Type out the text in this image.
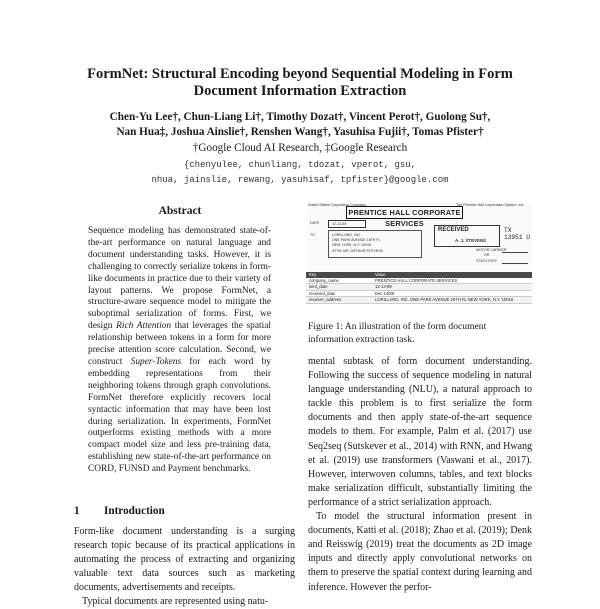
FormNet: Structural Encoding beyond Sequential Modeling in Form Document Information Extraction
Chen-Yu Lee†, Chun-Liang Li†, Timothy Dozat†, Vincent Perot†, Guolong Su†,
Nan Hua‡, Joshua Ainslie†, Renshen Wang†, Yasuhisa Fujii†, Tomas Pfister†
†Google Cloud AI Research, ‡Google Research
{chenyulee, chunliang, tdozat, vperot, gsu,
nhua, jainslie, rewang, yasuhisaf, tpfister}@google.com
Abstract

Sequence modeling has demonstrated state-of-the-art performance on natural language and document understanding tasks. However, it is challenging to correctly serialize tokens in form-like documents in practice due to their variety of layout patterns. We propose FormNet, a structure-aware sequence model to mitigate the suboptimal serialization of forms. First, we design Rich Attention that leverages the spatial relationship between tokens in a form for more precise attention score calculation. Second, we construct Super-Tokens for each word by embedding representations from their neighboring tokens through graph convolutions. FormNet therefore explicitly recovers local syntactic information that may have been lost during serialization. In experiments, FormNet outperforms existing methods with a more compact model size and less pre-training data, establishing new state-of-the-art performance on CORD, FUNSD and Payment benchmarks.

1 Introduction

Form-like document understanding is a surging research topic because of its practical applications in automating the process of extracting and organizing valuable text data sources such as marketing documents, advertisements and receipts.
Typical documents are represented using natu-

United States Corporation Company	The Prentice-Hall Corporation System, Inc.
PRENTICE HALL CORPORATE SERVICES
DATE	12-13-89
TO	LORILLARD, INC.
ONE PARK AVENUE 18TH FL
NEW YORK, N.Y. 10016
ATTN: MR. ARTHUR STEVENS
RECEIVED
A. J. STEVENS
TX 13951 U
MOTOR CARRIER
OR
STATUTORY
Key	Value
company_name	PRENTICE HALL CORPORATE SERVICES
sent_date	12-13-89
received_date	Dec 14/89
receiver_address	LORILLARD, INC. ONE PARK AVENUE 18TH FL NEW YORK, N.Y. 10016

Figure 1: An illustration of the form document information extraction task.

mental subtask of form document understanding. Following the success of sequence modeling in natural language understanding (NLU), a natural approach to tackle this problem is to first serialize the form documents and then apply state-of-the-art sequence models to them. For example, Palm et al. (2017) use Seq2seq (Sutskever et al., 2014) with RNN, and Hwang et al. (2019) use transformers (Vaswani et al., 2017). However, interwoven columns, tables, and text blocks make serialization difficult, substantially limiting the performance of a strict serialization approach.
To model the structural information present in documents, Katti et al. (2018); Zhao et al. (2019); Denk and Reisswig (2019) treat the documents as 2D image inputs and directly apply convolutional networks on them to preserve the spatial context during learning and inference. However the perfor-
